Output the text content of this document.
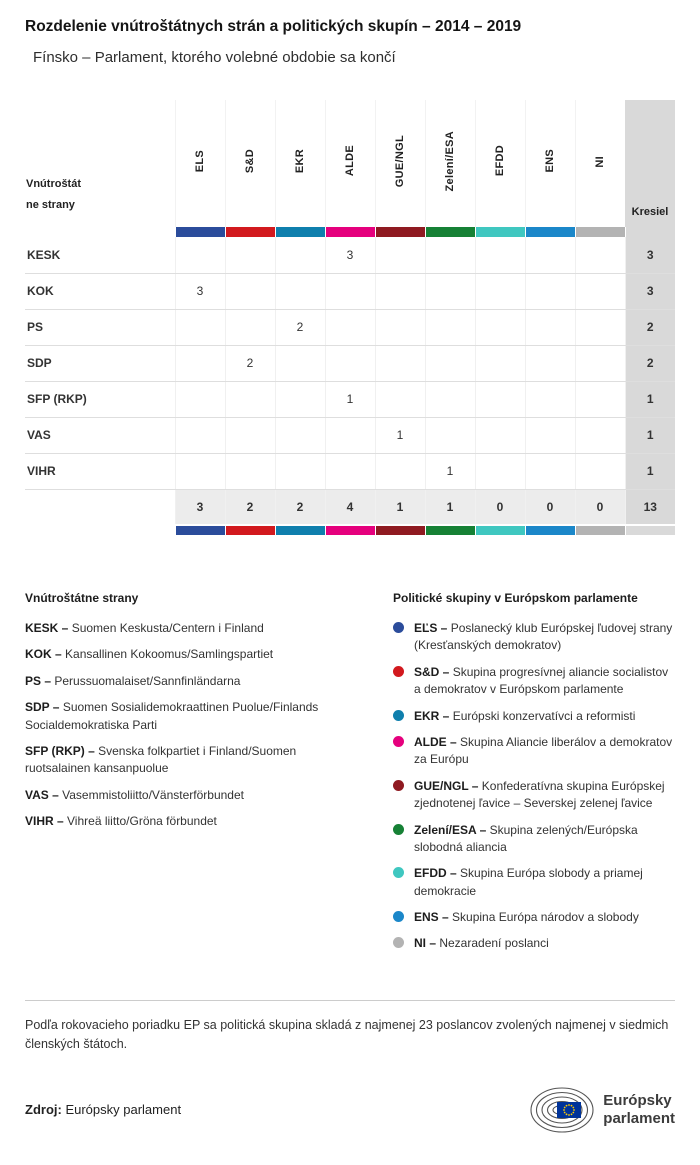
Rozdelenie vnútroštátnych strán a politických skupín – 2014 – 2019
Fínsko – Parlament, ktorého volebné obdobie sa končí
Vnútroštátne strany	ELS	S&D	EKR	ALDE	GUE/NGL	Zelení/ESA	EFDD	ENS	NI	Kresiel

KESK				3						3
KOK	3									3
PS			2							2
SDP		2								2
SFP (RKP)				1						1
VAS					1					1
VIHR						1				1
	3	2	2	4	1	1	0	0	0	13

Vnútroštátne strany
KESK – Suomen Keskusta/Centern i Finland
KOK – Kansallinen Kokoomus/Samlingspartiet
PS – Perussuomalaiset/Sannfinländarna
SDP – Suomen Sosialidemokraattinen Puolue/Finlands Socialdemokratiska Parti
SFP (RKP) – Svenska folkpartiet i Finland/Suomen ruotsalainen kansanpuolue
VAS – Vasemmistoliitto/Vänsterförbundet
VIHR – Vihreä liitto/Gröna förbundet
Politické skupiny v Európskom parlamente
EĽS – Poslanecký klub Európskej ľudovej strany (Kresťanských demokratov)
S&D – Skupina progresívnej aliancie socialistov a demokratov v Európskom parlamente
EKR – Európski konzervatívci a reformisti
ALDE – Skupina Aliancie liberálov a demokratov za Európu
GUE/NGL – Konfederatívna skupina Európskej zjednotenej ľavice – Severskej zelenej ľavice
Zelení/ESA – Skupina zelených/Európska slobodná aliancia
EFDD – Skupina Európa slobody a priamej demokracie
ENS – Skupina Európa národov a slobody
NI – Nezaradení poslanci

Podľa rokovacieho poriadku EP sa politická skupina skladá z najmenej 23 poslancov zvolených najmenej v siedmich členských štátoch.

Zdroj: Európsky parlament

Európsky
parlament
